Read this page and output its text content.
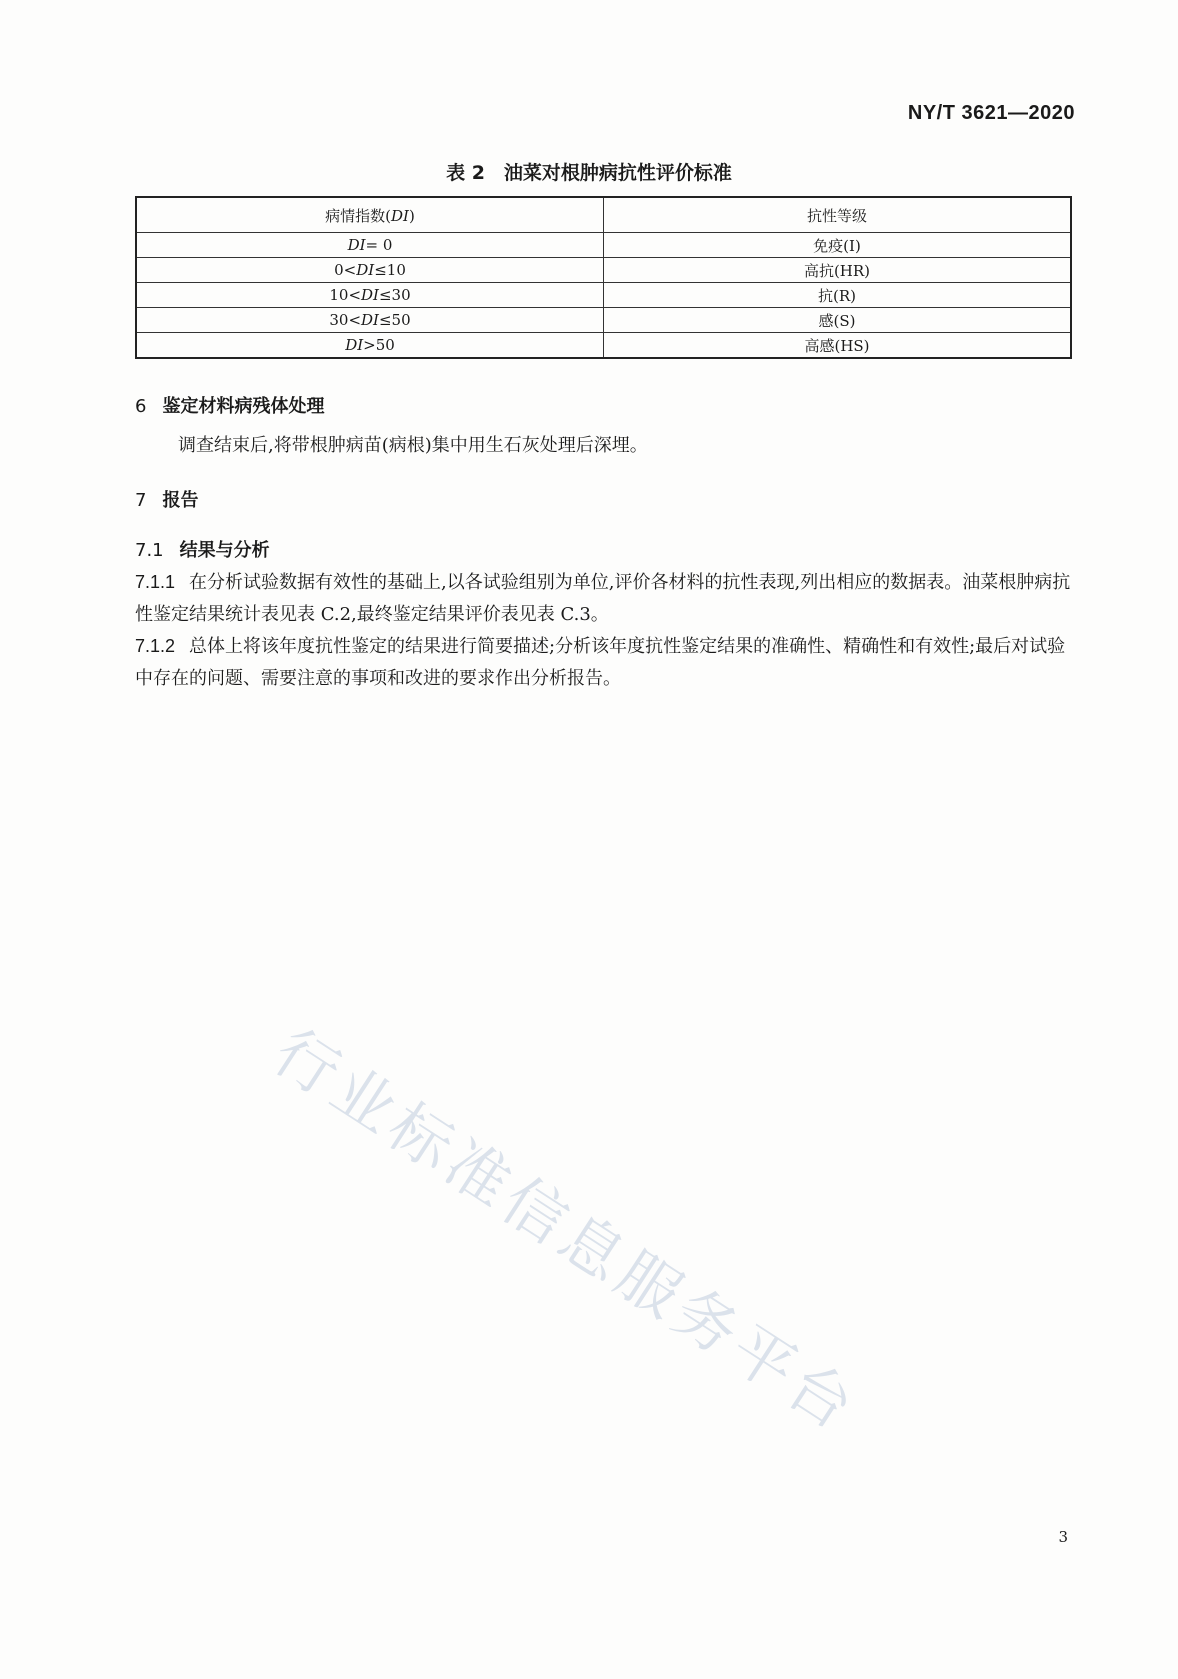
NY/T 3621—2020
表 2　油菜对根肿病抗性评价标准
病情指数(DI)	抗性等级
DI= 0	免疫(I)
0<DI≤10	高抗(HR)
10<DI≤30	抗(R)
30<DI≤50	感(S)
DI>50	高感(HS)
6 鉴定材料病残体处理
调查结束后,将带根肿病苗(病根)集中用生石灰处理后深埋。
7 报告
7.1 结果与分析
7.1.1 在分析试验数据有效性的基础上,以各试验组别为单位,评价各材料的抗性表现,列出相应的数据表。油菜根肿病抗性鉴定结果统计表见表 C.2,最终鉴定结果评价表见表 C.3。
7.1.2 总体上将该年度抗性鉴定的结果进行简要描述;分析该年度抗性鉴定结果的准确性、精确性和有效性;最后对试验中存在的问题、需要注意的事项和改进的要求作出分析报告。
行业标准信息服务平台
3
